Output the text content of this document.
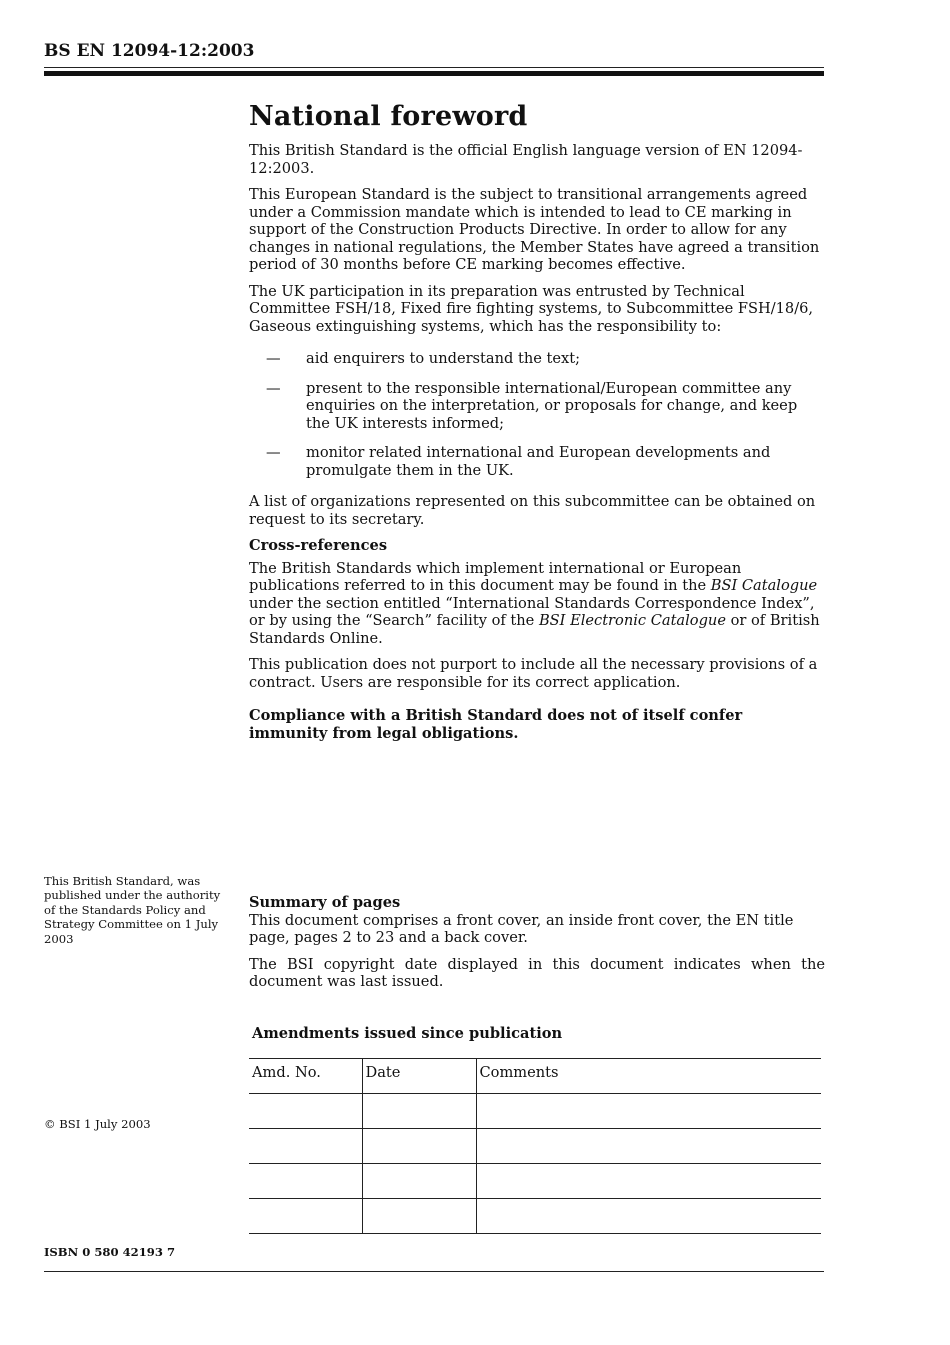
BS EN 12094-12:2003

National foreword

This British Standard is the official English language version of EN 12094-12:2003.

This European Standard is the subject to transitional arrangements agreed under a Commission mandate which is intended to lead to CE marking in support of the Construction Products Directive. In order to allow for any changes in national regulations, the Member States have agreed a transition period of 30 months before CE marking becomes effective.

The UK participation in its preparation was entrusted by Technical Committee FSH/18, Fixed fire fighting systems, to Subcommittee FSH/18/6, Gaseous extinguishing systems, which has the responsibility to:

—	aid enquirers to understand the text;
—	present to the responsible international/European committee any enquiries on the interpretation, or proposals for change, and keep the UK interests informed;
—	monitor related international and European developments and promulgate them in the UK.

A list of organizations represented on this subcommittee can be obtained on request to its secretary.

Cross-references

The British Standards which implement international or European publications referred to in this document may be found in the BSI Catalogue under the section entitled “International Standards Correspondence Index”, or by using the “Search” facility of the BSI Electronic Catalogue or of British Standards Online.

This publication does not purport to include all the necessary provisions of a contract. Users are responsible for its correct application.

Compliance with a British Standard does not of itself confer immunity from legal obligations.

This British Standard, was published under the authority of the Standards Policy and Strategy Committee on 1 July 2003

Summary of pages

This document comprises a front cover, an inside front cover, the EN title page, pages 2 to 23 and a back cover.

The BSI copyright date displayed in this document indicates when the document was last issued.

Amendments issued since publication

Amd. No.	Date	Comments

© BSI 1 July 2003

ISBN 0 580 42193 7
